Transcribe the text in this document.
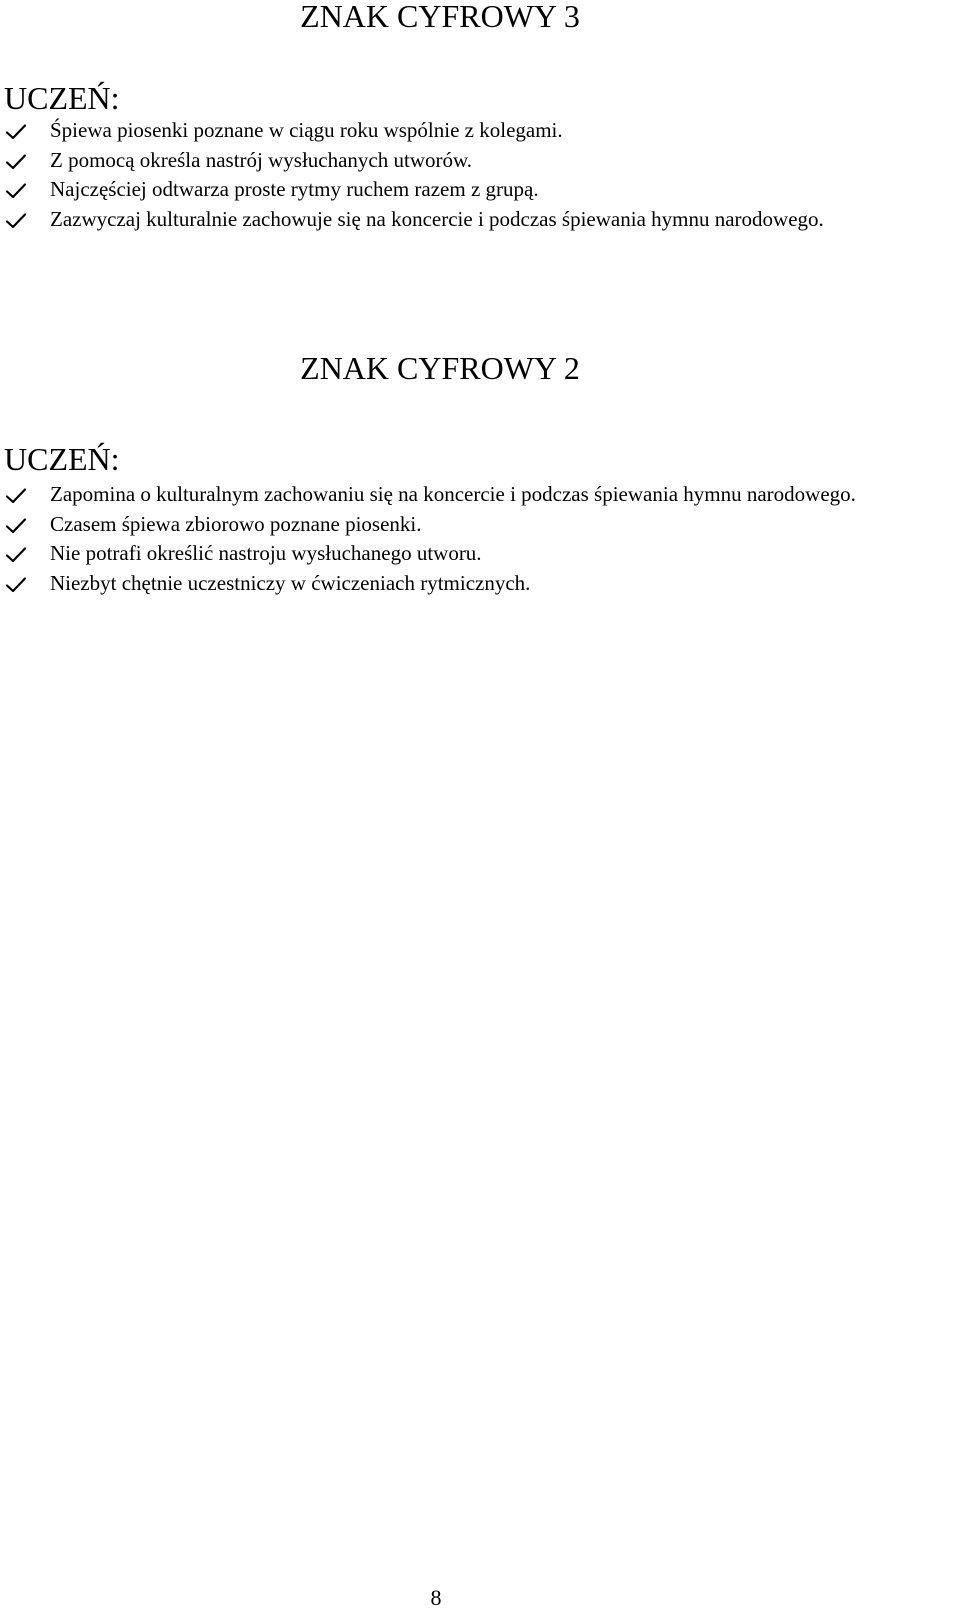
ZNAK CYFROWY 3
UCZEŃ:
Śpiewa piosenki poznane w ciągu roku wspólnie z kolegami.
Z pomocą określa nastrój wysłuchanych utworów.
Najczęściej odtwarza proste rytmy ruchem razem z grupą.
Zazwyczaj kulturalnie zachowuje się na koncercie i podczas śpiewania hymnu narodowego.
ZNAK CYFROWY 2
UCZEŃ:
Zapomina o kulturalnym zachowaniu się na koncercie i podczas śpiewania hymnu narodowego.
Czasem śpiewa zbiorowo poznane piosenki.
Nie potrafi określić nastroju wysłuchanego utworu.
Niezbyt chętnie uczestniczy w ćwiczeniach rytmicznych.
8
